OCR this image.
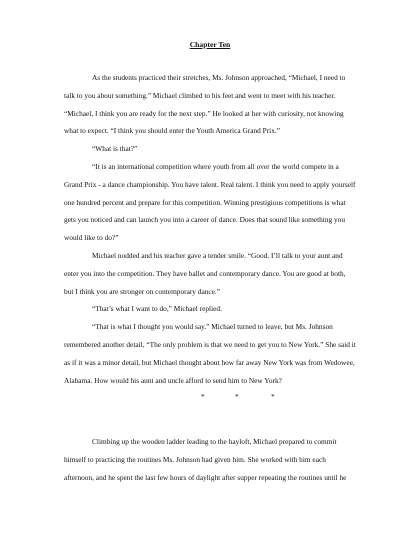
Chapter Ten

As the students practiced their stretches, Ms. Johnson approached, “Michael, I need to talk to you about something.” Michael climbed to his feet and went to meet with his teacher. “Michael, I think you are ready for the next step.” He looked at her with curiosity, not knowing what to expect. “I think you should enter the Youth America Grand Prix.”

“What is that?”

“It is an international competition where youth from all over the world compete in a Grand Prix - a dance championship. You have talent. Real talent. I think you need to apply yourself one hundred percent and prepare for this competition. Winning prestigious competitions is what gets you noticed and can launch you into a career of dance. Does that sound like something you would like to do?”

Michael nodded and his teacher gave a tender smile. “Good. I’ll talk to your aunt and enter you into the competition. They have ballet and contemporary dance. You are good at both, but I think you are stronger on contemporary dance.”

“That’s what I want to do,” Michael replied.

“That is what I thought you would say.” Michael turned to leave, but Ms. Johnson remembered another detail, “The only problem is that we need to get you to New York.” She said it as if it was a minor detail, but Michael thought about how far away New York was from Wedowee, Alabama. How would his aunt and uncle afford to send him to New York?

*	*	*

Climbing up the wooden ladder leading to the hayloft, Michael prepared to commit himself to practicing the routines Ms. Johnson had given him. She worked with him each afternoon, and he spent the last few hours of daylight after supper repeating the routines until he
